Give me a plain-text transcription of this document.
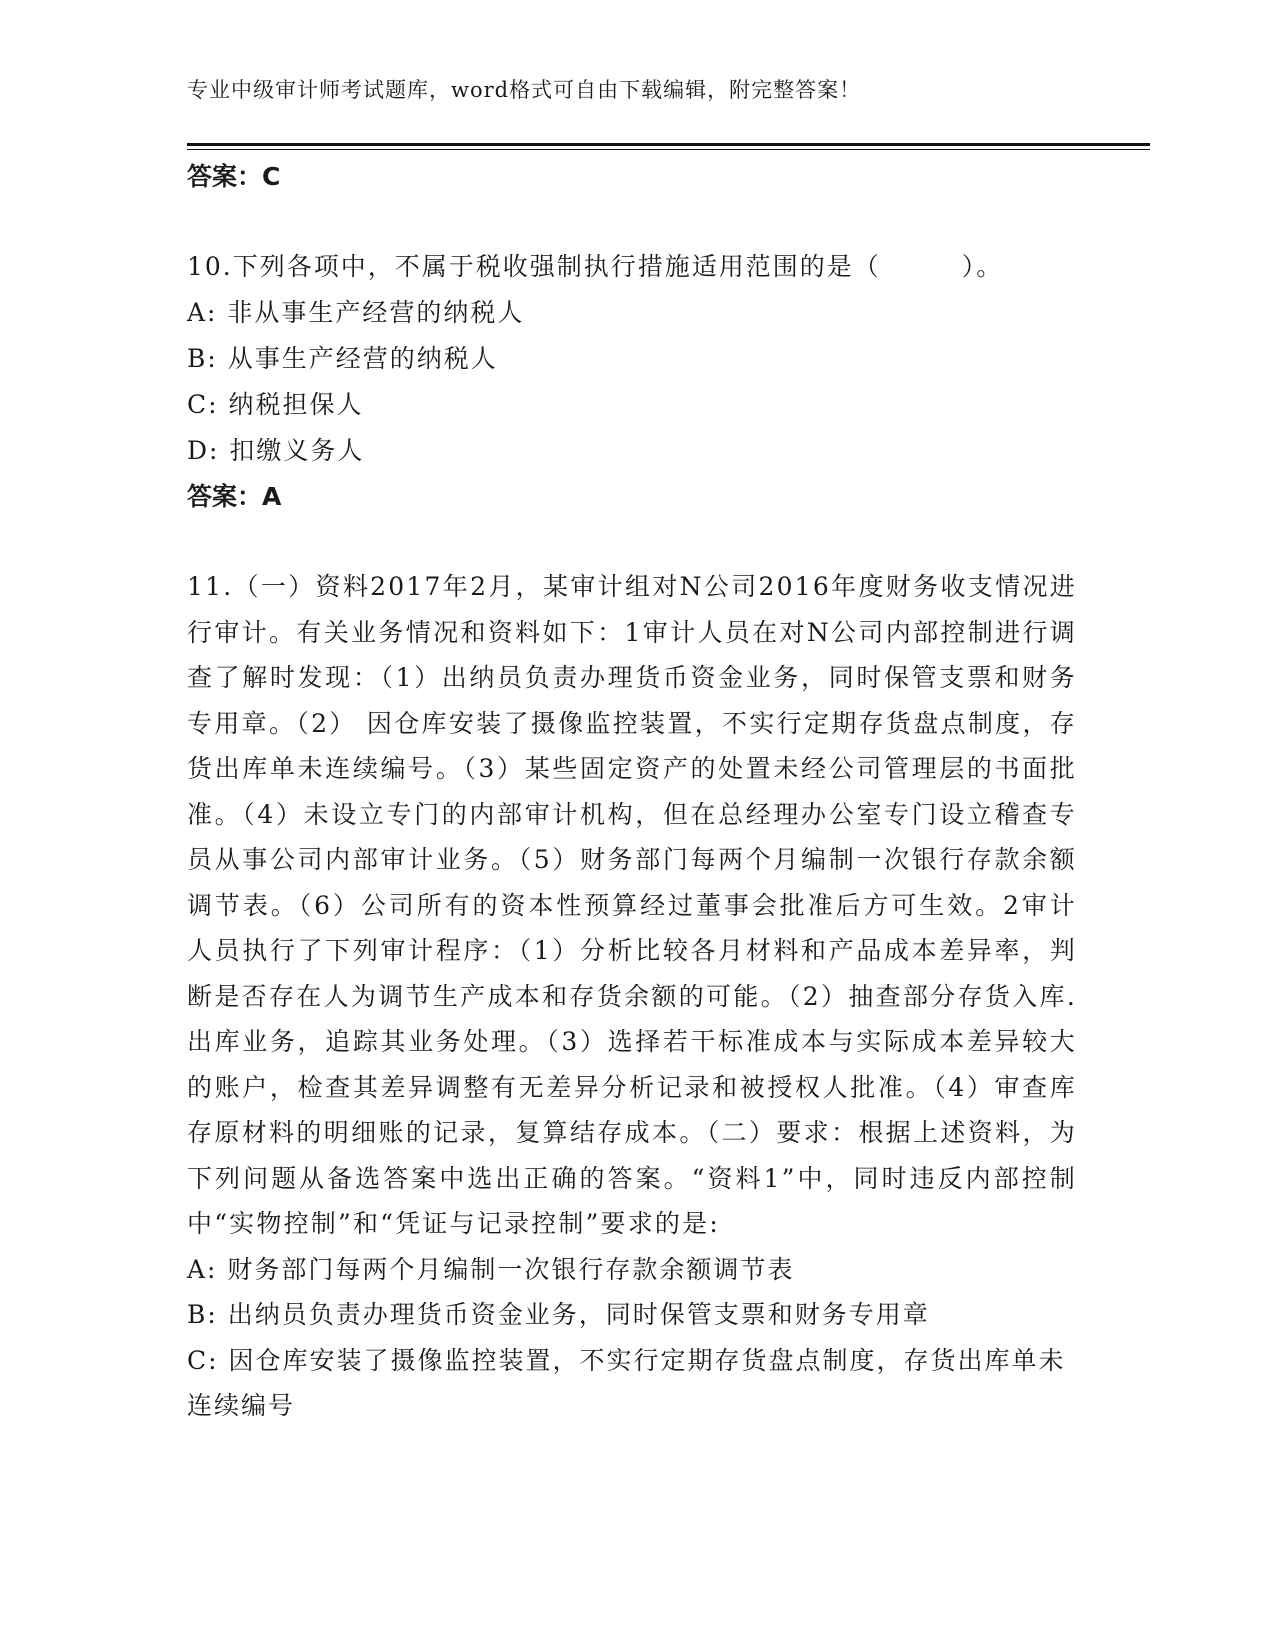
专业中级审计师考试题库，word格式可自由下载编辑，附完整答案！
答案：C
10.下列各项中，不属于税收强制执行措施适用范围的是（　　　）。
A: 非从事生产经营的纳税人
B: 从事生产经营的纳税人
C: 纳税担保人
D: 扣缴义务人
答案：A
11.（一）资料2017年2月，某审计组对N公司2016年度财务收支情况进行审计。有关业务情况和资料如下：1审计人员在对N公司内部控制进行调查了解时发现：（1）出纳员负责办理货币资金业务，同时保管支票和财务专用章。（2） 因仓库安装了摄像监控装置，不实行定期存货盘点制度，存货出库单未连续编号。（3）某些固定资产的处置未经公司管理层的书面批准。（4）未设立专门的内部审计机构，但在总经理办公室专门设立稽查专员从事公司内部审计业务。（5）财务部门每两个月编制一次银行存款余额调节表。（6）公司所有的资本性预算经过董事会批准后方可生效。2审计人员执行了下列审计程序：（1）分析比较各月材料和产品成本差异率，判断是否存在人为调节生产成本和存货余额的可能。（2）抽查部分存货入库.出库业务，追踪其业务处理。（3）选择若干标准成本与实际成本差异较大的账户，检查其差异调整有无差异分析记录和被授权人批准。（4）审查库存原材料的明细账的记录，复算结存成本。（二）要求：根据上述资料，为下列问题从备选答案中选出正确的答案。“资料1”中，同时违反内部控制中“实物控制”和“凭证与记录控制”要求的是:
A: 财务部门每两个月编制一次银行存款余额调节表
B: 出纳员负责办理货币资金业务，同时保管支票和财务专用章
C: 因仓库安装了摄像监控装置，不实行定期存货盘点制度，存货出库单未连续编号
